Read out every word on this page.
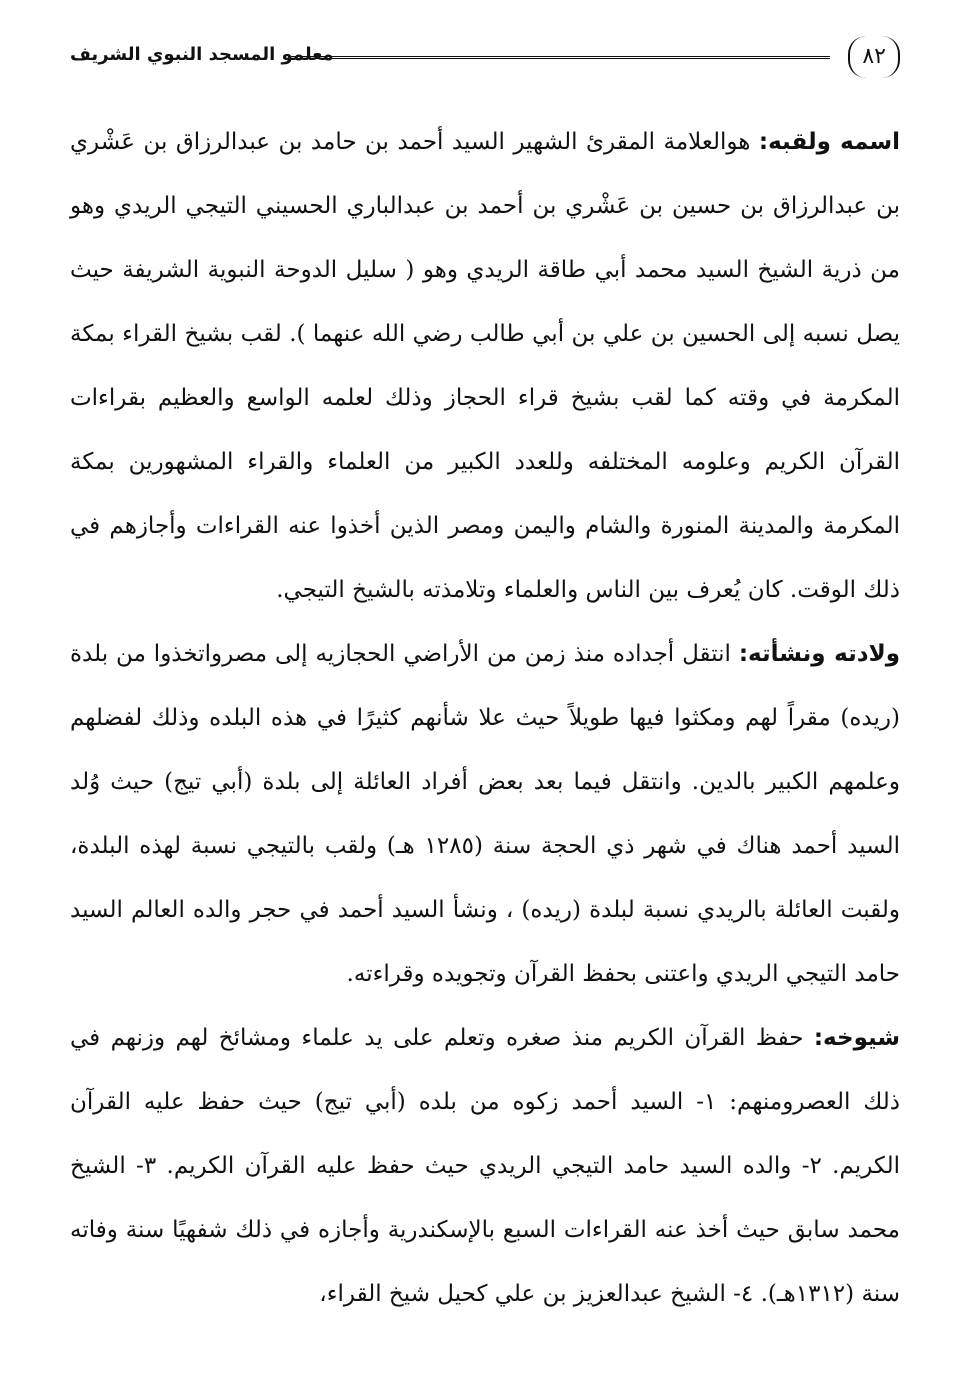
٨٢
معلمو المسجد النبوي الشريف

اسمه ولقبه: هوالعلامة المقرئ الشهير السيد أحمد بن حامد بن عبدالرزاق بن عَشْري بن عبدالرزاق بن حسين بن عَشْري بن أحمد بن عبدالباري الحسيني التيجي الريدي وهو من ذرية الشيخ السيد محمد أبي طاقة الريدي وهو ( سليل الدوحة النبوية الشريفة حيث يصل نسبه إلى الحسين بن علي بن أبي طالب رضي الله عنهما ). لقب بشيخ القراء بمكة المكرمة في وقته كما لقب بشيخ قراء الحجاز وذلك لعلمه الواسع والعظيم بقراءات القرآن الكريم وعلومه المختلفه وللعدد الكبير من العلماء والقراء المشهورين بمكة المكرمة والمدينة المنورة والشام واليمن ومصر الذين أخذوا عنه القراءات وأجازهم في ذلك الوقت. كان يُعرف بين الناس والعلماء وتلامذته بالشيخ التيجي.

ولادته ونشأته: انتقل أجداده منذ زمن من الأراضي الحجازيه إلى مصرواتخذوا من بلدة (ريده) مقراً لهم ومكثوا فيها طويلاً حيث علا شأنهم كثيرًا في هذه البلده وذلك لفضلهم وعلمهم الكبير بالدين. وانتقل فيما بعد بعض أفراد العائلة إلى بلدة (أبي تيج) حيث وُلد السيد أحمد هناك في شهر ذي الحجة سنة (١٢٨٥ هـ) ولقب بالتيجي نسبة لهذه البلدة، ولقبت العائلة بالريدي نسبة لبلدة (ريده) ، ونشأ السيد أحمد في حجر والده العالم السيد حامد التيجي الريدي واعتنى بحفظ القرآن وتجويده وقراءته.

شيوخه: حفظ القرآن الكريم منذ صغره وتعلم على يد علماء ومشائخ لهم وزنهم في ذلك العصرومنهم: ١- السيد أحمد زكوه من بلده (أبي تيج) حيث حفظ عليه القرآن الكريم. ٢- والده السيد حامد التيجي الريدي حيث حفظ عليه القرآن الكريم. ٣- الشيخ محمد سابق حيث أخذ عنه القراءات السبع بالإسكندرية وأجازه في ذلك شفهيًا سنة وفاته سنة (١٣١٢هـ). ٤- الشيخ عبدالعزيز بن علي كحيل شيخ القراء،
